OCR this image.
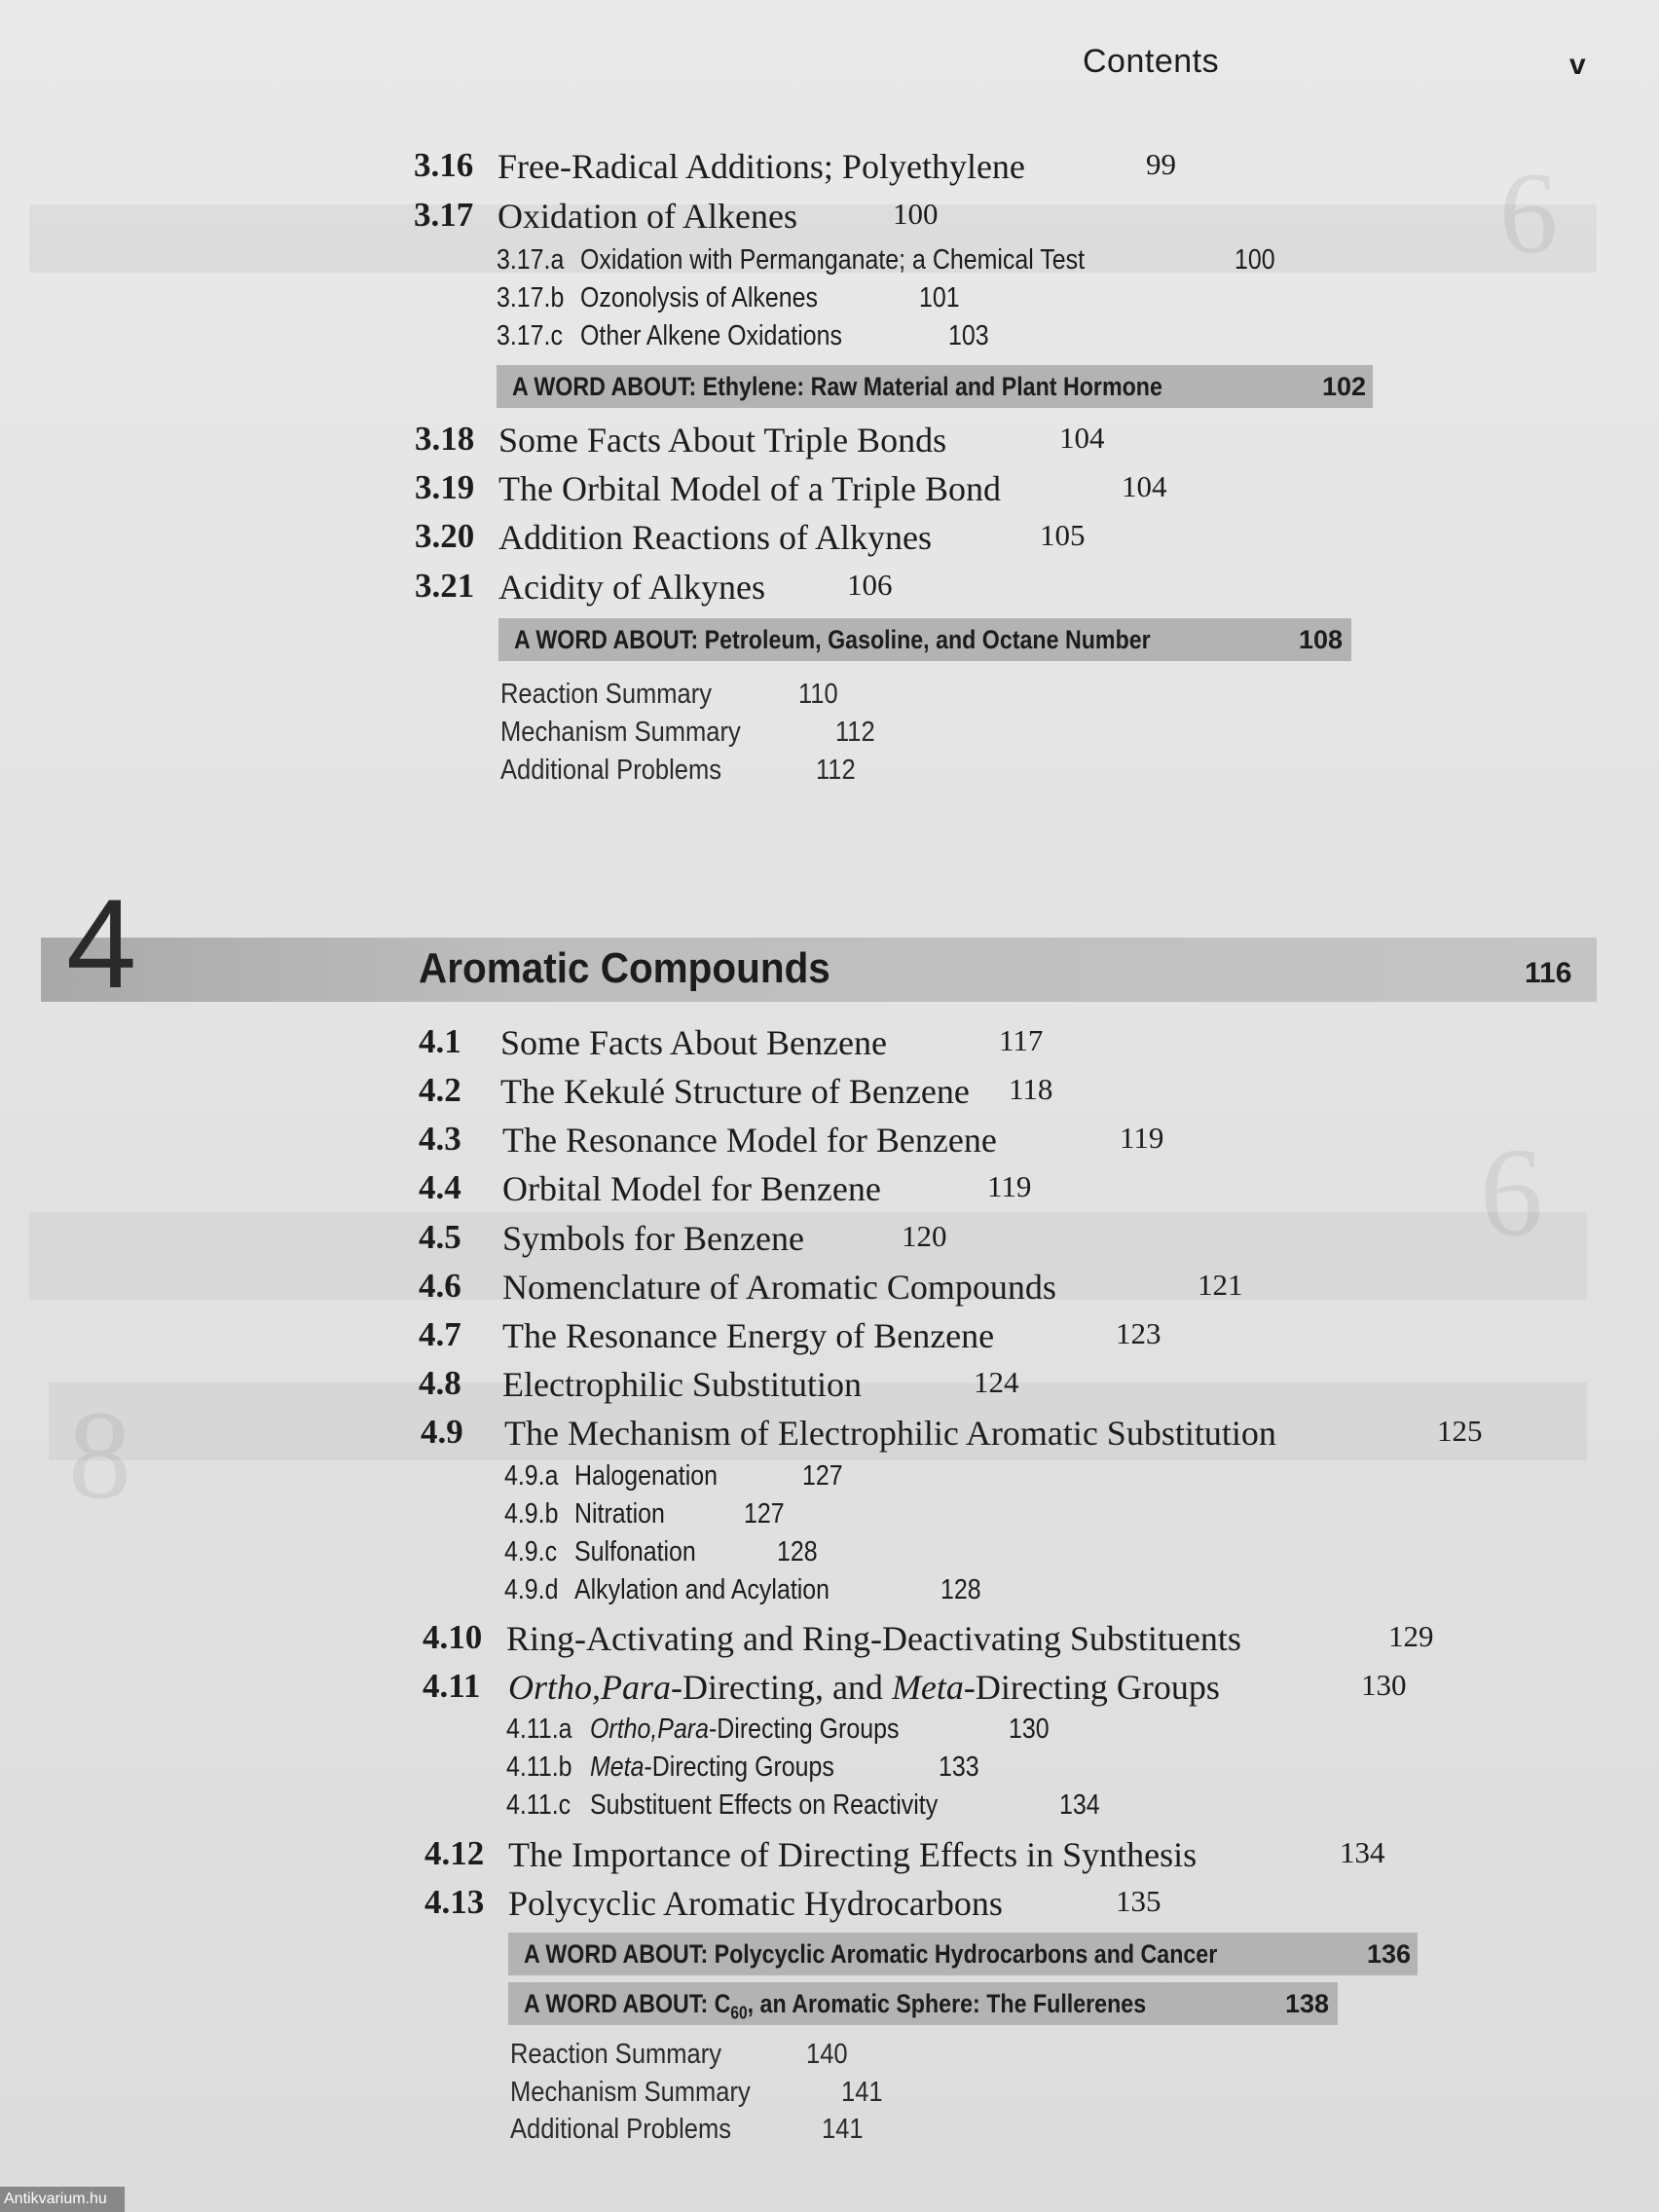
6
6
8
Contents	v
3.16 Free-Radical Additions; Polyethylene	99
3.17 Oxidation of Alkenes	100
3.17.a Oxidation with Permanganate; a Chemical Test	100
3.17.b Ozonolysis of Alkenes	101
3.17.c Other Alkene Oxidations	103
A WORD ABOUT: Ethylene: Raw Material and Plant Hormone	102
3.18 Some Facts About Triple Bonds	104
3.19 The Orbital Model of a Triple Bond	104
3.20 Addition Reactions of Alkynes	105
3.21 Acidity of Alkynes	106
A WORD ABOUT: Petroleum, Gasoline, and Octane Number	108
Reaction Summary	110
Mechanism Summary	112
Additional Problems	112
4	Aromatic Compounds	116
4.1 Some Facts About Benzene	117
4.2 The Kekulé Structure of Benzene 118
4.3 The Resonance Model for Benzene	119
4.4 Orbital Model for Benzene	119
4.5 Symbols for Benzene	120
4.6 Nomenclature of Aromatic Compounds	121
4.7 The Resonance Energy of Benzene	123
4.8 Electrophilic Substitution	124
4.9 The Mechanism of Electrophilic Aromatic Substitution	125
4.9.a Halogenation	127
4.9.b Nitration	127
4.9.c Sulfonation	128
4.9.d Alkylation and Acylation	128
4.10 Ring-Activating and Ring-Deactivating Substituents	129
4.11 Ortho,Para-Directing, and Meta-Directing Groups	130
4.11.a Ortho,Para-Directing Groups	130
4.11.b Meta-Directing Groups	133
4.11.c Substituent Effects on Reactivity	134
4.12 The Importance of Directing Effects in Synthesis	134
4.13 Polycyclic Aromatic Hydrocarbons	135
A WORD ABOUT: Polycyclic Aromatic Hydrocarbons and Cancer	136
A WORD ABOUT: $C_{60}$, an Aromatic Sphere: The Fullerenes	138
Reaction Summary	140
Mechanism Summary	141
Additional Problems	141
Antikvarium.hu
